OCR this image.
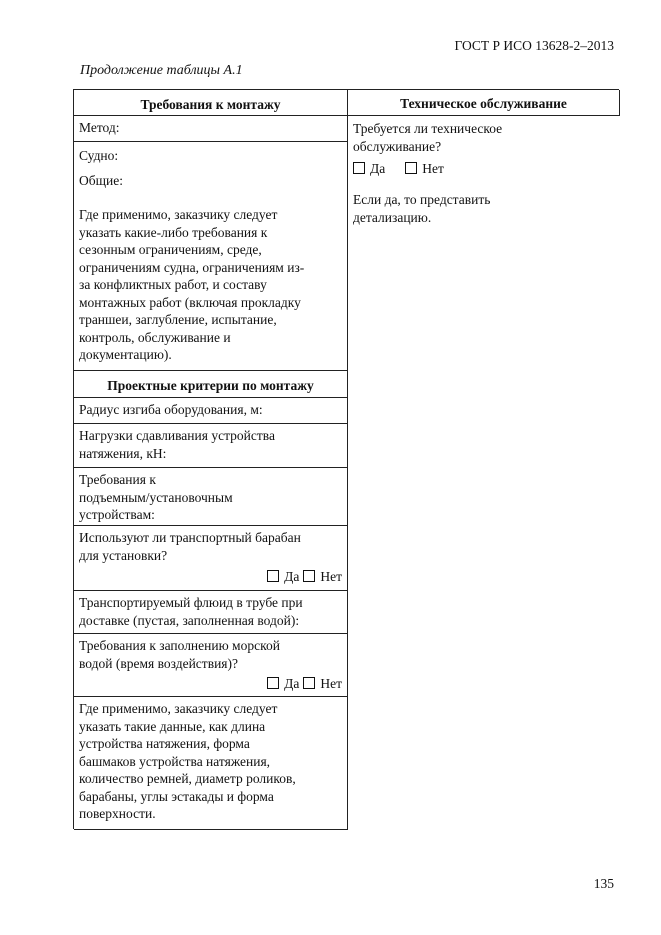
ГОСТ Р ИСО 13628-2–2013
Продолжение таблицы А.1
Требования к монтажу
Метод:
Судно:
Общие:
Где применимо, заказчику следует
указать какие-либо требования к
сезонным ограничениям, среде,
ограничениям судна, ограничениям из-
за конфликтных работ, и составу
монтажных работ (включая прокладку
траншеи, заглубление, испытание,
контроль, обслуживание и
документацию).
Проектные критерии по монтажу
Радиус изгиба оборудования, м:
Нагрузки сдавливания устройства
натяжения, кН:
Требования к
подъемным/установочным
устройствам:
Используют ли транспортный барабан
для установки?
Да Нет
Транспортируемый флюид в трубе при
доставке (пустая, заполненная водой):
Требования к заполнению морской
водой (время воздействия)?
Да Нет
Где применимо, заказчику следует
указать такие данные, как длина
устройства натяжения, форма
башмаков устройства натяжения,
количество ремней, диаметр роликов,
барабаны, углы эстакады и форма
поверхности.
Техническое обслуживание
Требуется ли техническое
обслуживание?
Да	Нет
Если да, то представить
детализацию.
135
